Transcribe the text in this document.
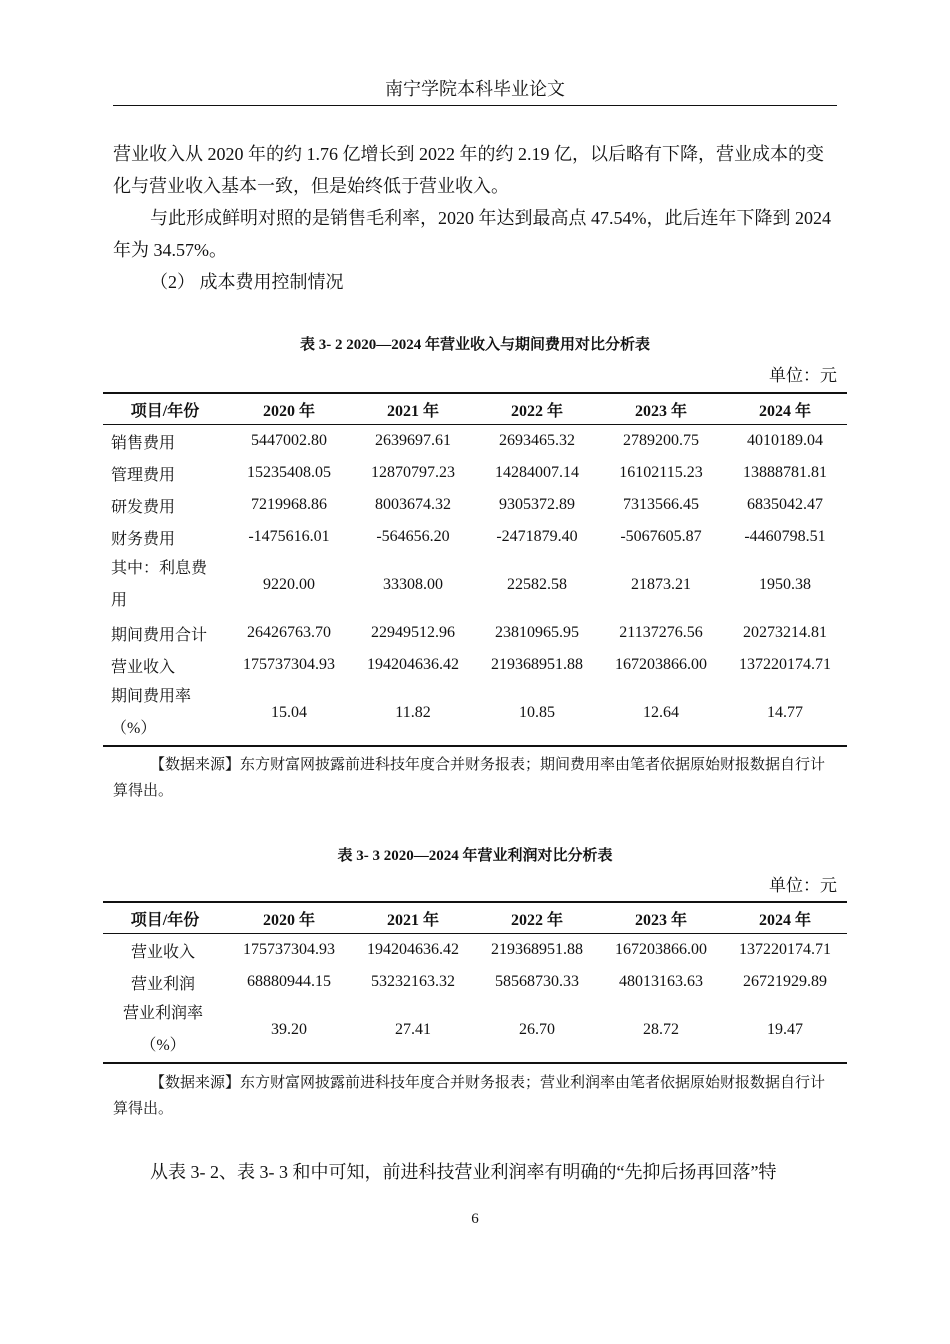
南宁学院本科毕业论文

营业收入从 2020 年的约 1.76 亿增长到 2022 年的约 2.19 亿，以后略有下降，营业成本的变化与营业收入基本一致，但是始终低于营业收入。

与此形成鲜明对照的是销售毛利率，2020 年达到最高点 47.54%，此后连年下降到 2024 年为 34.57%。

（2） 成本费用控制情况

表 3- 2 2020—2024 年营业收入与期间费用对比分析表
单位：元
项目/年份	2020 年	2021 年	2022 年	2023 年	2024 年
销售费用	5447002.80	2639697.61	2693465.32	2789200.75	4010189.04
管理费用	15235408.05	12870797.23	14284007.14	16102115.23	13888781.81
研发费用	7219968.86	8003674.32	9305372.89	7313566.45	6835042.47
财务费用	-1475616.01	-564656.20	-2471879.40	-5067605.87	-4460798.51
其中：利息费
用	9220.00	33308.00	22582.58	21873.21	1950.38
期间费用合计	26426763.70	22949512.96	23810965.95	21137276.56	20273214.81
营业收入	175737304.93	194204636.42	219368951.88	167203866.00	137220174.71
期间费用率
（%）	15.04	11.82	10.85	12.64	14.77
【数据来源】东方财富网披露前进科技年度合并财务报表；期间费用率由笔者依据原始财报数据自行计算得出。
表 3- 3 2020—2024 年营业利润对比分析表
单位：元
项目/年份	2020 年	2021 年	2022 年	2023 年	2024 年
营业收入	175737304.93	194204636.42	219368951.88	167203866.00	137220174.71
营业利润	68880944.15	53232163.32	58568730.33	48013163.63	26721929.89
营业利润率
（%）	39.20	27.41	26.70	28.72	19.47
【数据来源】东方财富网披露前进科技年度合并财务报表；营业利润率由笔者依据原始财报数据自行计算得出。

从表 3- 2、表 3- 3 和中可知，前进科技营业利润率有明确的“先抑后扬再回落”特

6
